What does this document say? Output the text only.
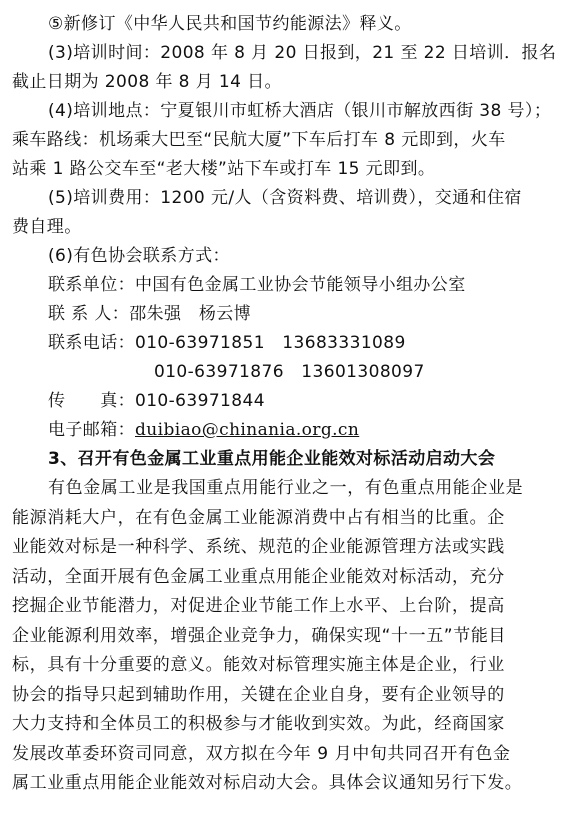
⑤新修订《中华人民共和国节约能源法》释义。
(3)培训时间：2008 年 8 月 20 日报到，21 至 22 日培训．报名
截止日期为 2008 年 8 月 14 日。
(4)培训地点：宁夏银川市虹桥大酒店（银川市解放西街 38 号）；
乘车路线：机场乘大巴至“民航大厦”下车后打车 8 元即到，火车
站乘 1 路公交车至“老大楼”站下车或打车 15 元即到。
(5)培训费用：1200 元/人（含资料费、培训费），交通和住宿
费自理。
(6)有色协会联系方式：
联系单位：中国有色金属工业协会节能领导小组办公室
联 系 人：邵朱强　杨云博
联系电话：010-63971851　13683331089
010-63971876　13601308097
传　　真：010-63971844
电子邮箱：duibiao@chinania.org.cn
3、召开有色金属工业重点用能企业能效对标活动启动大会
有色金属工业是我国重点用能行业之一，有色重点用能企业是
能源消耗大户，在有色金属工业能源消费中占有相当的比重。企
业能效对标是一种科学、系统、规范的企业能源管理方法或实践
活动，全面开展有色金属工业重点用能企业能效对标活动，充分
挖掘企业节能潜力，对促进企业节能工作上水平、上台阶，提高
企业能源利用效率，增强企业竞争力，确保实现“十一五”节能目
标，具有十分重要的意义。能效对标管理实施主体是企业，行业
协会的指导只起到辅助作用，关键在企业自身，要有企业领导的
大力支持和全体员工的积极参与才能收到实效。为此，经商国家
发展改革委环资司同意，双方拟在今年 9 月中旬共同召开有色金
属工业重点用能企业能效对标启动大会。具体会议通知另行下发。
